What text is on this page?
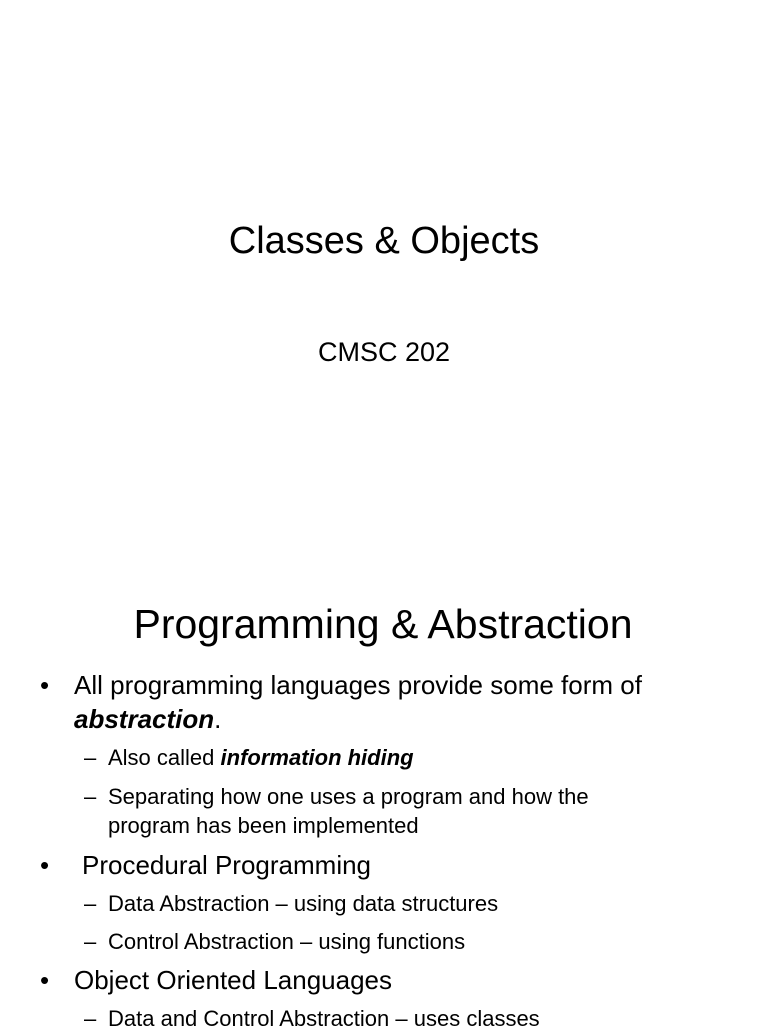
Classes & Objects
CMSC 202
Programming & Abstraction
• All programming languages provide some form of
abstraction.
– Also called information hiding
– Separating how one uses a program and how the
program has been implemented
•	Procedural Programming
– Data Abstraction – using data structures
– Control Abstraction – using functions
• Object Oriented Languages
– Data and Control Abstraction – uses classes
